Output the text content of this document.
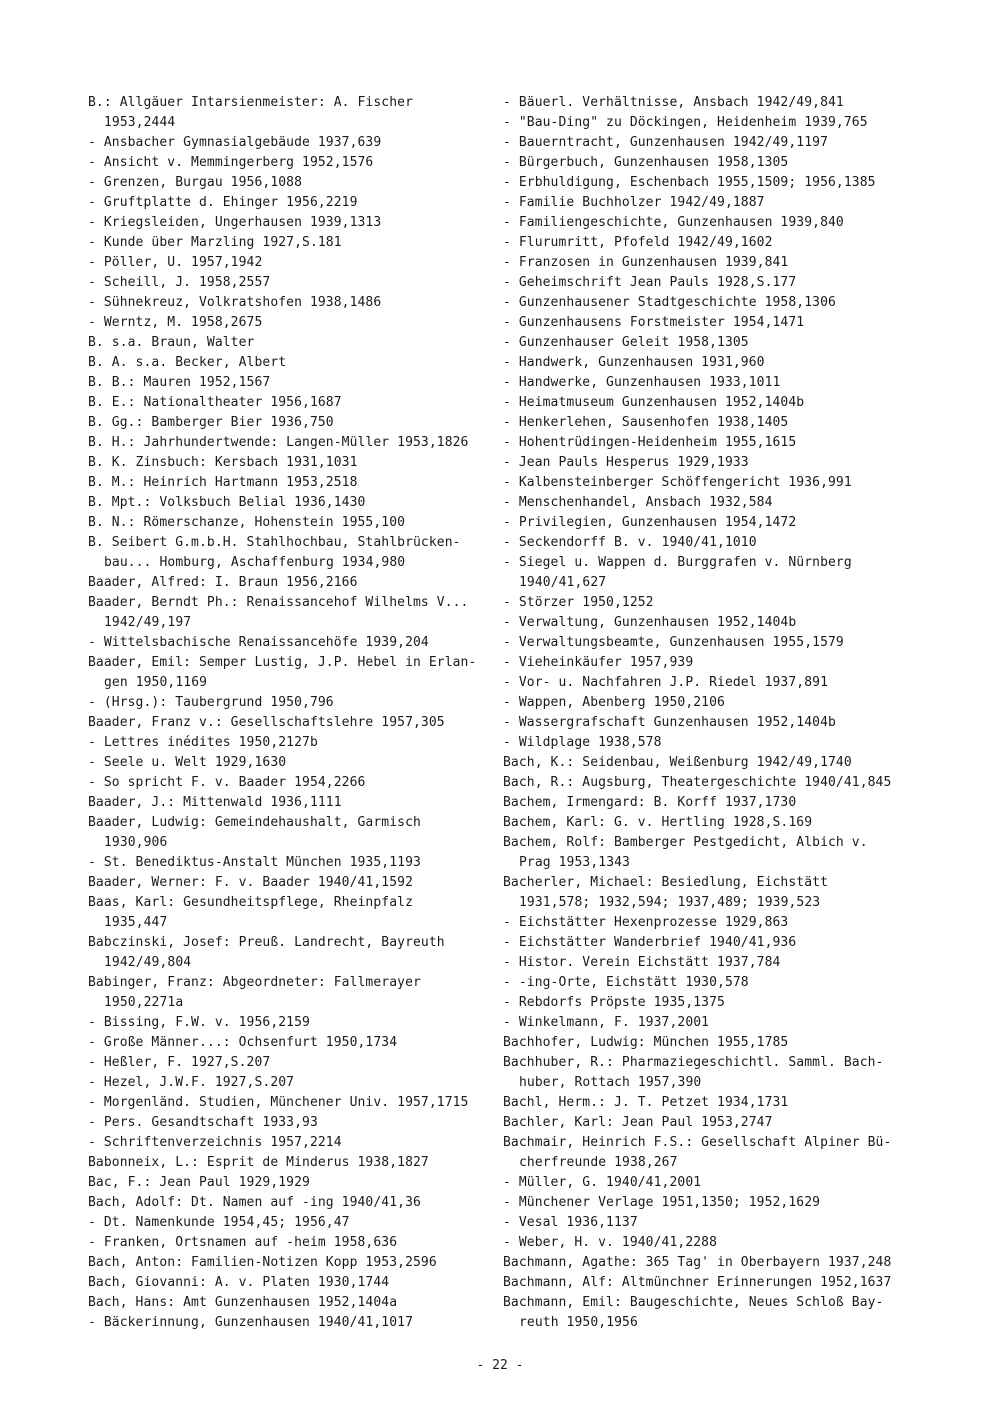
B.: Allgäuer Intarsienmeister: A. Fischer
1953,2444
- Ansbacher Gymnasialgebäude 1937,639
- Ansicht v. Memmingerberg 1952,1576
- Grenzen, Burgau 1956,1088
- Gruftplatte d. Ehinger 1956,2219
- Kriegsleiden, Ungerhausen 1939,1313
- Kunde über Marzling 1927,S.181
- Pöller, U. 1957,1942
- Scheill, J. 1958,2557
- Sühnekreuz, Volkratshofen 1938,1486
- Werntz, M. 1958,2675
B. s.a. Braun, Walter
B. A. s.a. Becker, Albert
B. B.: Mauren 1952,1567
B. E.: Nationaltheater 1956,1687
B. Gg.: Bamberger Bier 1936,750
B. H.: Jahrhundertwende: Langen-Müller 1953,1826
B. K. Zinsbuch: Kersbach 1931,1031
B. M.: Heinrich Hartmann 1953,2518
B. Mpt.: Volksbuch Belial 1936,1430
B. N.: Römerschanze, Hohenstein 1955,100
B. Seibert G.m.b.H. Stahlhochbau, Stahlbrücken-
bau... Homburg, Aschaffenburg 1934,980
Baader, Alfred: I. Braun 1956,2166
Baader, Berndt Ph.: Renaissancehof Wilhelms V...
1942/49,197
- Wittelsbachische Renaissancehöfe 1939,204
Baader, Emil: Semper Lustig, J.P. Hebel in Erlan-
gen 1950,1169
- (Hrsg.): Taubergrund 1950,796
Baader, Franz v.: Gesellschaftslehre 1957,305
- Lettres inédites 1950,2127b
- Seele u. Welt 1929,1630
- So spricht F. v. Baader 1954,2266
Baader, J.: Mittenwald 1936,1111
Baader, Ludwig: Gemeindehaushalt, Garmisch
1930,906
- St. Benediktus-Anstalt München 1935,1193
Baader, Werner: F. v. Baader 1940/41,1592
Baas, Karl: Gesundheitspflege, Rheinpfalz
1935,447
Babczinski, Josef: Preuß. Landrecht, Bayreuth
1942/49,804
Babinger, Franz: Abgeordneter: Fallmerayer
1950,2271a
- Bissing, F.W. v. 1956,2159
- Große Männer...: Ochsenfurt 1950,1734
- Heßler, F. 1927,S.207
- Hezel, J.W.F. 1927,S.207
- Morgenländ. Studien, Münchener Univ. 1957,1715
- Pers. Gesandtschaft 1933,93
- Schriftenverzeichnis 1957,2214
Babonneix, L.: Esprit de Minderus 1938,1827
Bac, F.: Jean Paul 1929,1929
Bach, Adolf: Dt. Namen auf -ing 1940/41,36
- Dt. Namenkunde 1954,45; 1956,47
- Franken, Ortsnamen auf -heim 1958,636
Bach, Anton: Familien-Notizen Kopp 1953,2596
Bach, Giovanni: A. v. Platen 1930,1744
Bach, Hans: Amt Gunzenhausen 1952,1404a
- Bäckerinnung, Gunzenhausen 1940/41,1017
- Bäuerl. Verhältnisse, Ansbach 1942/49,841
- "Bau-Ding" zu Döckingen, Heidenheim 1939,765
- Bauerntracht, Gunzenhausen 1942/49,1197
- Bürgerbuch, Gunzenhausen 1958,1305
- Erbhuldigung, Eschenbach 1955,1509; 1956,1385
- Familie Buchholzer 1942/49,1887
- Familiengeschichte, Gunzenhausen 1939,840
- Flurumritt, Pfofeld 1942/49,1602
- Franzosen in Gunzenhausen 1939,841
- Geheimschrift Jean Pauls 1928,S.177
- Gunzenhausener Stadtgeschichte 1958,1306
- Gunzenhausens Forstmeister 1954,1471
- Gunzenhauser Geleit 1958,1305
- Handwerk, Gunzenhausen 1931,960
- Handwerke, Gunzenhausen 1933,1011
- Heimatmuseum Gunzenhausen 1952,1404b
- Henkerlehen, Sausenhofen 1938,1405
- Hohentrüdingen-Heidenheim 1955,1615
- Jean Pauls Hesperus 1929,1933
- Kalbensteinberger Schöffengericht 1936,991
- Menschenhandel, Ansbach 1932,584
- Privilegien, Gunzenhausen 1954,1472
- Seckendorff B. v. 1940/41,1010
- Siegel u. Wappen d. Burggrafen v. Nürnberg
1940/41,627
- Störzer 1950,1252
- Verwaltung, Gunzenhausen 1952,1404b
- Verwaltungsbeamte, Gunzenhausen 1955,1579
- Vieheinkäufer 1957,939
- Vor- u. Nachfahren J.P. Riedel 1937,891
- Wappen, Abenberg 1950,2106
- Wassergrafschaft Gunzenhausen 1952,1404b
- Wildplage 1938,578
Bach, K.: Seidenbau, Weißenburg 1942/49,1740
Bach, R.: Augsburg, Theatergeschichte 1940/41,845
Bachem, Irmengard: B. Korff 1937,1730
Bachem, Karl: G. v. Hertling 1928,S.169
Bachem, Rolf: Bamberger Pestgedicht, Albich v.
Prag 1953,1343
Bacherler, Michael: Besiedlung, Eichstätt
1931,578; 1932,594; 1937,489; 1939,523
- Eichstätter Hexenprozesse 1929,863
- Eichstätter Wanderbrief 1940/41,936
- Histor. Verein Eichstätt 1937,784
- -ing-Orte, Eichstätt 1930,578
- Rebdorfs Pröpste 1935,1375
- Winkelmann, F. 1937,2001
Bachhofer, Ludwig: München 1955,1785
Bachhuber, R.: Pharmaziegeschichtl. Samml. Bach-
huber, Rottach 1957,390
Bachl, Herm.: J. T. Petzet 1934,1731
Bachler, Karl: Jean Paul 1953,2747
Bachmair, Heinrich F.S.: Gesellschaft Alpiner Bü-
cherfreunde 1938,267
- Müller, G. 1940/41,2001
- Münchener Verlage 1951,1350; 1952,1629
- Vesal 1936,1137
- Weber, H. v. 1940/41,2288
Bachmann, Agathe: 365 Tag' in Oberbayern 1937,248
Bachmann, Alf: Altmünchner Erinnerungen 1952,1637
Bachmann, Emil: Baugeschichte, Neues Schloß Bay-
reuth 1950,1956
- 22 -
